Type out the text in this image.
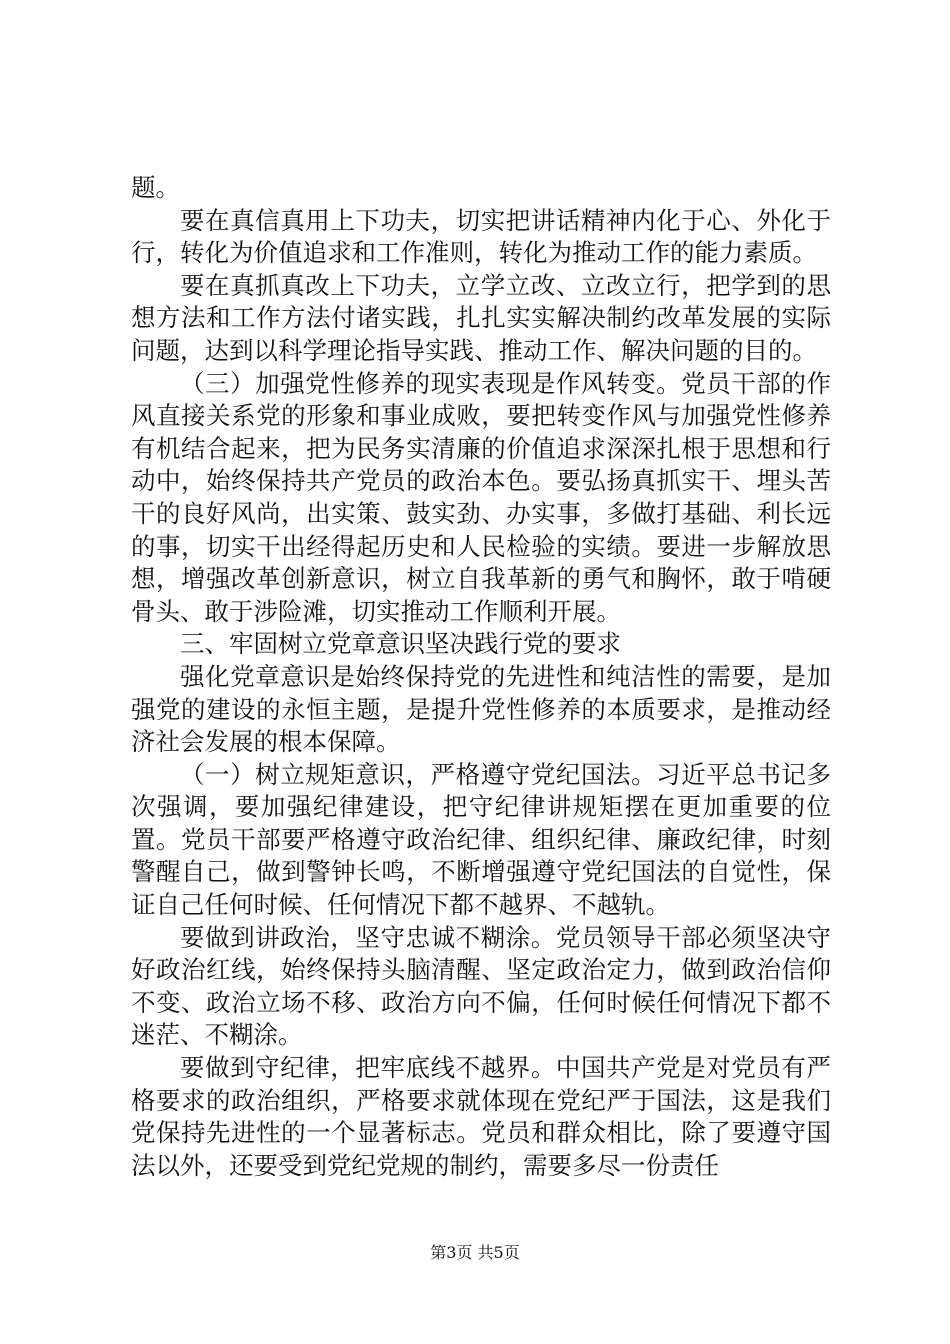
题。

要在真信真用上下功夫，切实把讲话精神内化于心、外化于行，转化为价值追求和工作准则，转化为推动工作的能力素质。

要在真抓真改上下功夫，立学立改、立改立行，把学到的思想方法和工作方法付诸实践，扎扎实实解决制约改革发展的实际问题，达到以科学理论指导实践、推动工作、解决问题的目的。

（三）加强党性修养的现实表现是作风转变。党员干部的作风直接关系党的形象和事业成败，要把转变作风与加强党性修养有机结合起来，把为民务实清廉的价值追求深深扎根于思想和行动中，始终保持共产党员的政治本色。要弘扬真抓实干、埋头苦干的良好风尚，出实策、鼓实劲、办实事，多做打基础、利长远的事，切实干出经得起历史和人民检验的实绩。要进一步解放思想，增强改革创新意识，树立自我革新的勇气和胸怀，敢于啃硬骨头、敢于涉险滩，切实推动工作顺利开展。

三、牢固树立党章意识坚决践行党的要求

强化党章意识是始终保持党的先进性和纯洁性的需要，是加强党的建设的永恒主题，是提升党性修养的本质要求，是推动经济社会发展的根本保障。

（一）树立规矩意识，严格遵守党纪国法。习近平总书记多次强调，要加强纪律建设，把守纪律讲规矩摆在更加重要的位置。党员干部要严格遵守政治纪律、组织纪律、廉政纪律，时刻警醒自己，做到警钟长鸣，不断增强遵守党纪国法的自觉性，保证自己任何时候、任何情况下都不越界、不越轨。

要做到讲政治，坚守忠诚不糊涂。党员领导干部必须坚决守好政治红线，始终保持头脑清醒、坚定政治定力，做到政治信仰不变、政治立场不移、政治方向不偏，任何时候任何情况下都不迷茫、不糊涂。

要做到守纪律，把牢底线不越界。中国共产党是对党员有严格要求的政治组织，严格要求就体现在党纪严于国法，这是我们党保持先进性的一个显著标志。党员和群众相比，除了要遵守国法以外，还要受到党纪党规的制约，需要多尽一份责任

第3页 共5页
